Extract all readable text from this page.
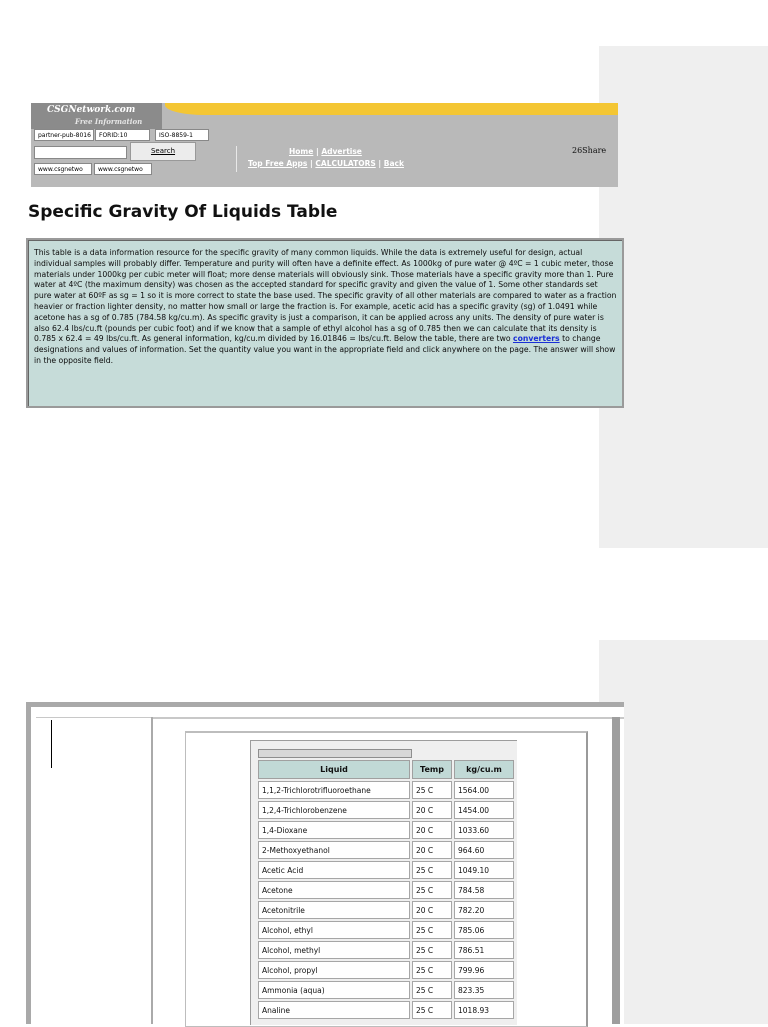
CSGNetwork.com
Free Information
partner-pub-8016	FORID:10	ISO-8859-1
Search
www.csgnetwo	www.csgnetwo
Home | Advertise
Top Free Apps | CALCULATORS | Back
26Share
Specific Gravity Of Liquids Table
This table is a data information resource for the specific gravity of many common liquids. While the data is extremely useful for design, actual individual samples will probably differ. Temperature and purity will often have a definite effect. As 1000kg of pure water @ 4ºC = 1 cubic meter, those materials under 1000kg per cubic meter will float; more dense materials will obviously sink. Those materials have a specific gravity more than 1. Pure water at 4ºC (the maximum density) was chosen as the accepted standard for specific gravity and given the value of 1. Some other standards set pure water at 60ºF as sg = 1 so it is more correct to state the base used. The specific gravity of all other materials are compared to water as a fraction heavier or fraction lighter density, no matter how small or large the fraction is. For example, acetic acid has a specific gravity (sg) of 1.0491 while acetone has a sg of 0.785 (784.58 kg/cu.m). As specific gravity is just a comparison, it can be applied across any units. The density of pure water is also 62.4 lbs/cu.ft (pounds per cubic foot) and if we know that a sample of ethyl alcohol has a sg of 0.785 then we can calculate that its density is 0.785 x 62.4 = 49 lbs/cu.ft. As general information, kg/cu.m divided by 16.01846 = lbs/cu.ft. Below the table, there are two converters to change designations and values of information. Set the quantity value you want in the appropriate field and click anywhere on the page. The answer will show in the opposite field.
Liquid	Temp	kg/cu.m
1,1,2-Trichlorotrifluoroethane	25 C	1564.00
1,2,4-Trichlorobenzene	20 C	1454.00
1,4-Dioxane	20 C	1033.60
2-Methoxyethanol	20 C	964.60
Acetic Acid	25 C	1049.10
Acetone	25 C	784.58
Acetonitrile	20 C	782.20
Alcohol, ethyl	25 C	785.06
Alcohol, methyl	25 C	786.51
Alcohol, propyl	25 C	799.96
Ammonia (aqua)	25 C	823.35
Analine	25 C	1018.93
